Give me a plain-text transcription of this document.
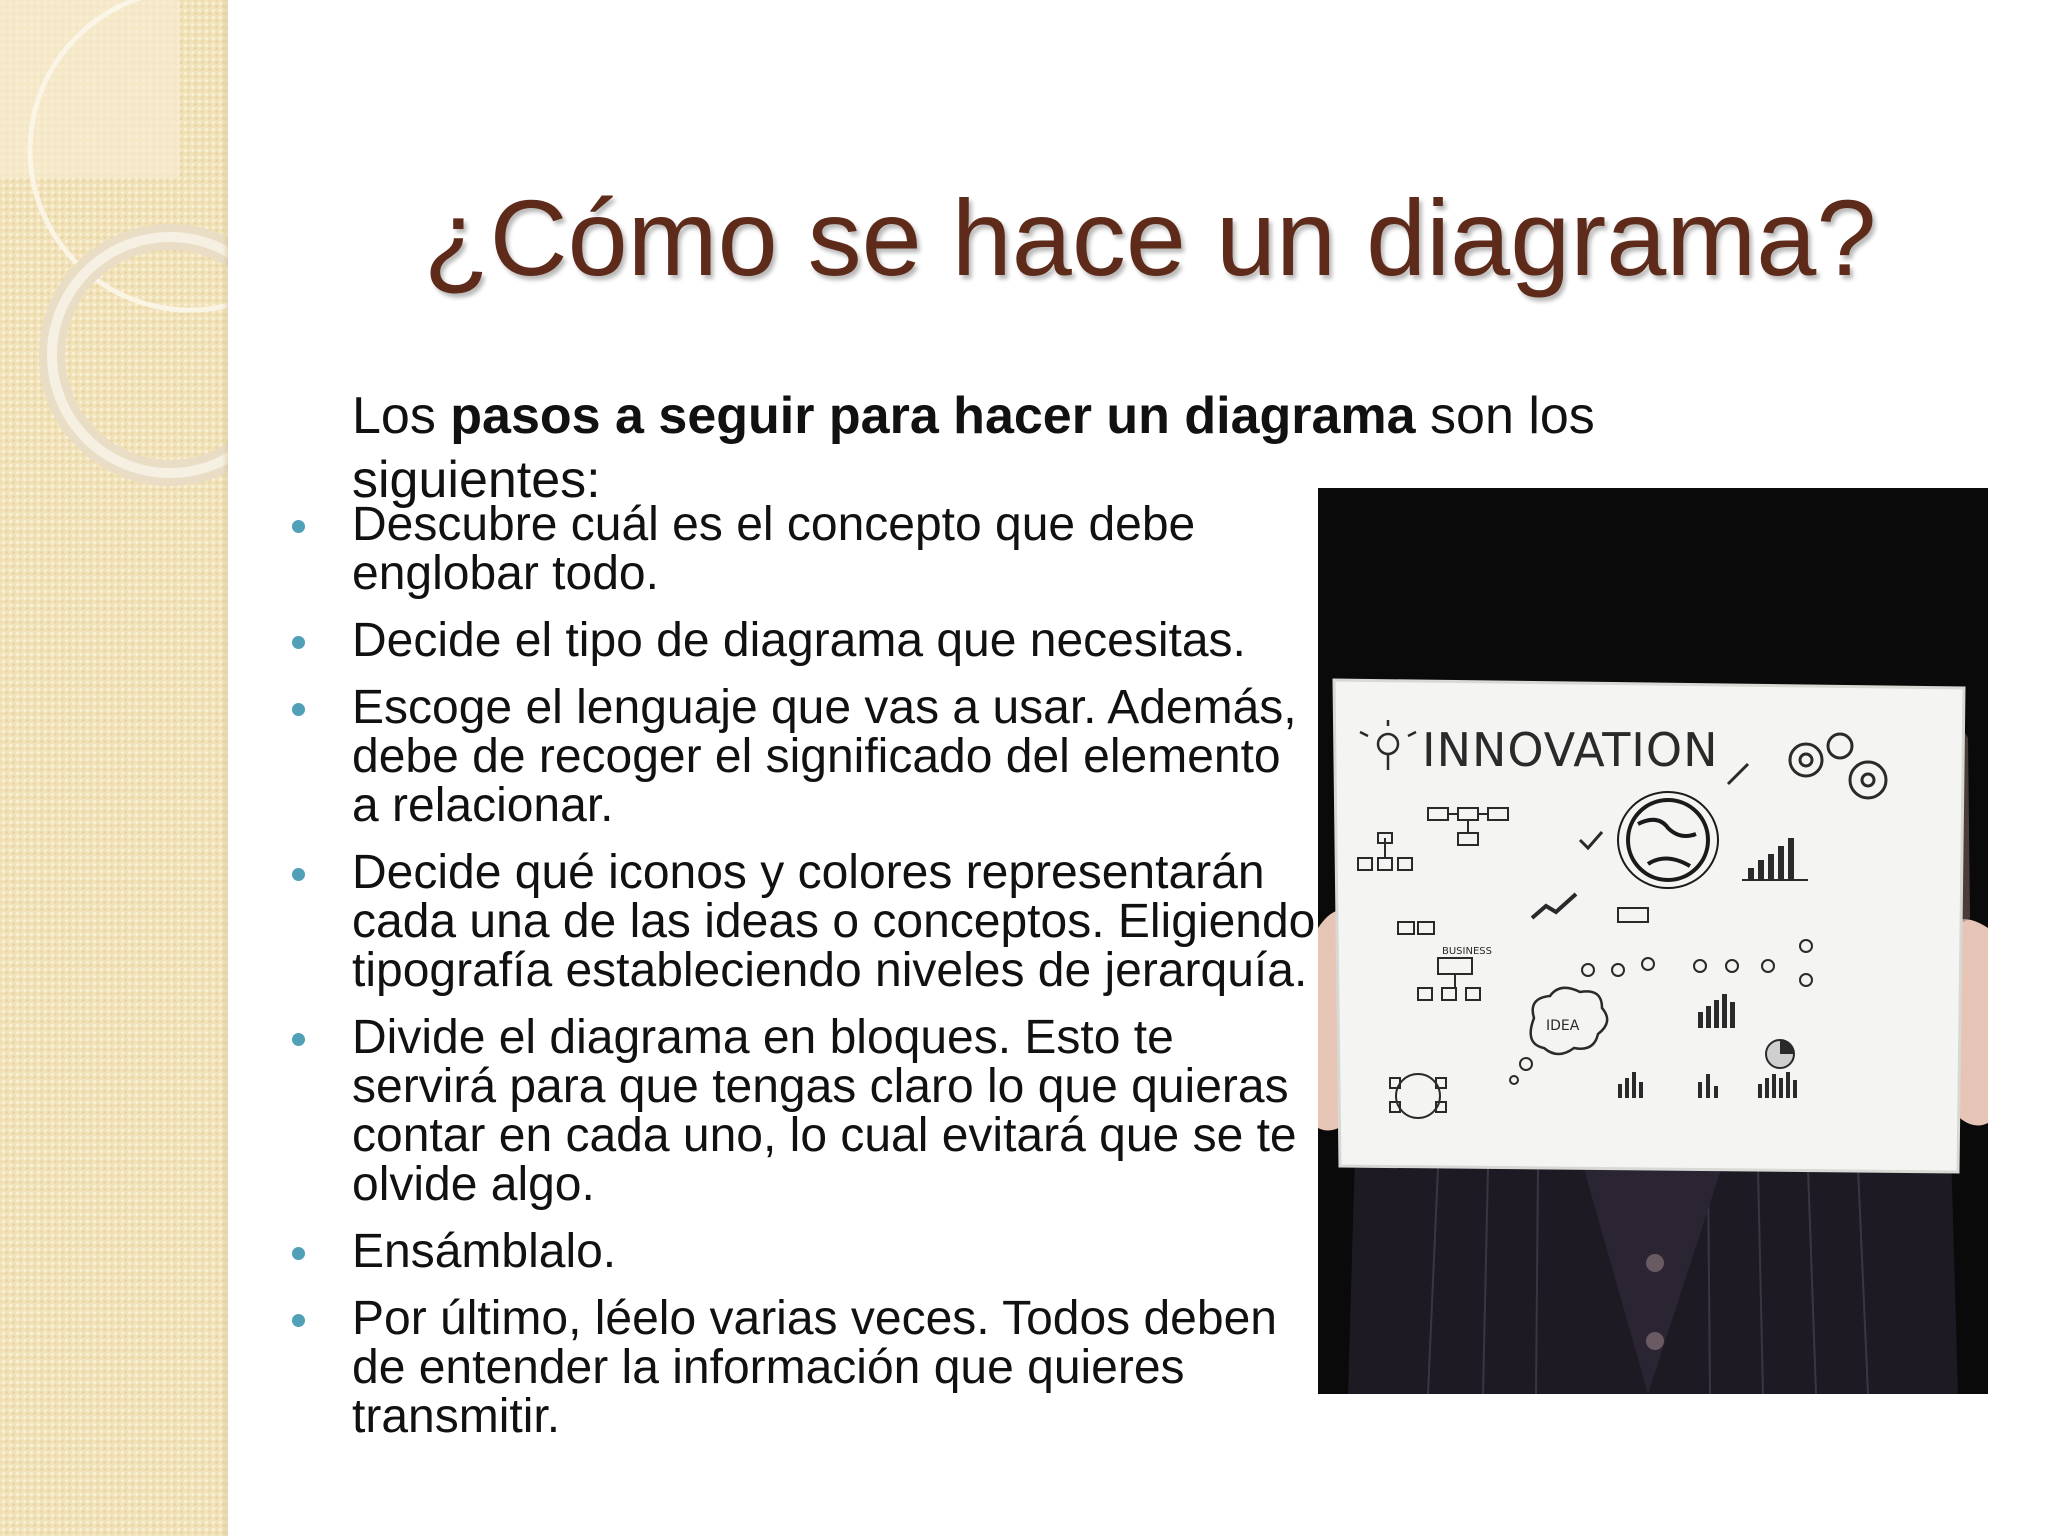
¿Cómo se hace un diagrama?

Los pasos a seguir para hacer un diagrama son los siguientes:

Descubre cuál es el concepto que debe englobar todo.
Decide el tipo de diagrama que necesitas.
Escoge el lenguaje que vas a usar. Además, debe de recoger el significado del elemento a relacionar.
Decide qué iconos y colores representarán cada una de las ideas o conceptos. Eligiendo tipografía estableciendo niveles de jerarquía.
Divide el diagrama en bloques. Esto te servirá para que tengas claro lo que quieras contar en cada uno, lo cual evitará que se te olvide algo.
Ensámblalo.
Por último, léelo varias veces. Todos deben de entender la información que quieres transmitir.
INNOVATION
BUSINESS
IDEA
